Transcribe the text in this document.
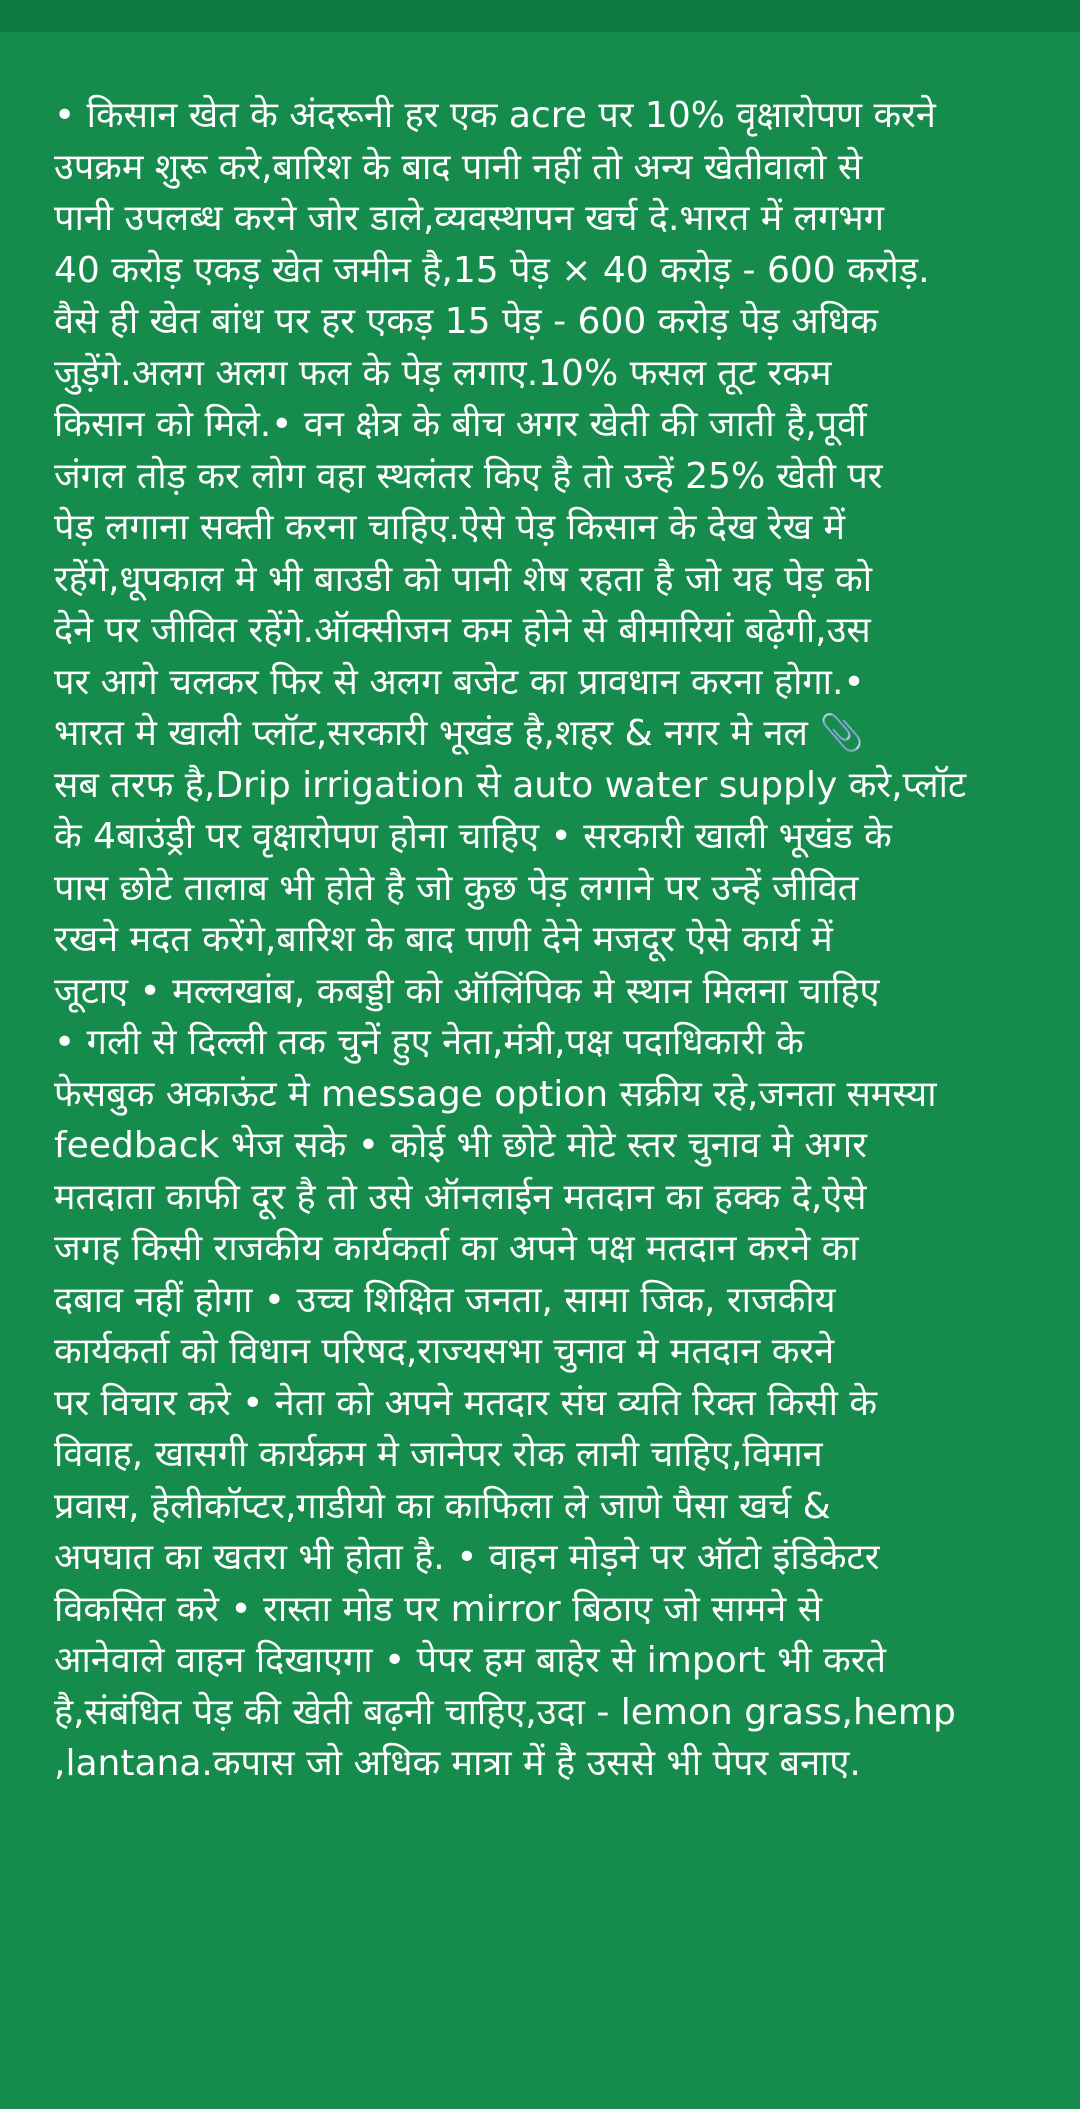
• किसान खेत के अंदरूनी हर एक acre पर 10% वृक्षारोपण करने
उपक्रम शुरू करे,बारिश के बाद पानी नहीं तो अन्य खेतीवालो से
पानी उपलब्ध करने जोर डाले,व्यवस्थापन खर्च दे.भारत में लगभग
40 करोड़ एकड़ खेत जमीन है,15 पेड़ × 40 करोड़ - 600 करोड़.
वैसे ही खेत बांध पर हर एकड़ 15 पेड़ - 600 करोड़ पेड़ अधिक
जुड़ेंगे.अलग अलग फल के पेड़ लगाए.10% फसल तूट रकम
किसान को मिले.• वन क्षेत्र के बीच अगर खेती की जाती है,पूर्वी
जंगल तोड़ कर लोग वहा स्थलंतर किए है तो उन्हें 25% खेती पर
पेड़ लगाना सक्ती करना चाहिए.ऐसे पेड़ किसान के देख रेख में
रहेंगे,धूपकाल मे भी बाउडी को पानी शेष रहता है जो यह पेड़ को
देने पर जीवित रहेंगे.ऑक्सीजन कम होने से बीमारियां बढ़ेगी,उस
पर आगे चलकर फिर से अलग बजेट का प्रावधान करना होगा.•
भारत मे खाली प्लॉट,सरकारी भूखंड है,शहर & नगर मे नल 📎
सब तरफ है,Drip irrigation से auto water supply करे,प्लॉट
के 4बाउंड्री पर वृक्षारोपण होना चाहिए • सरकारी खाली भूखंड के
पास छोटे तालाब भी होते है जो कुछ पेड़ लगाने पर उन्हें जीवित
रखने मदत करेंगे,बारिश के बाद पाणी देने मजदूर ऐसे कार्य में
जूटाए • मल्लखांब, कबड्डी को ऑलिंपिक मे स्थान मिलना चाहिए
• गली से दिल्ली तक चुनें हुए नेता,मंत्री,पक्ष पदाधिकारी के
फेसबुक अकाऊंट मे message option सक्रीय रहे,जनता समस्या
feedback भेज सके • कोई भी छोटे मोटे स्तर चुनाव मे अगर
मतदाता काफी दूर है तो उसे ऑनलाईन मतदान का हक्क दे,ऐसे
जगह किसी राजकीय कार्यकर्ता का अपने पक्ष मतदान करने का
दबाव नहीं होगा • उच्च शिक्षित जनता, सामा जिक, राजकीय
कार्यकर्ता को विधान परिषद,राज्यसभा चुनाव मे मतदान करने
पर विचार करे • नेता को अपने मतदार संघ व्यति रिक्त किसी के
विवाह, खासगी कार्यक्रम मे जानेपर रोक लानी चाहिए,विमान
प्रवास, हेलीकॉप्टर,गाडीयो का काफिला ले जाणे पैसा खर्च &
अपघात का खतरा भी होता है. • वाहन मोड़ने पर ऑटो इंडिकेटर
विकसित करे • रास्ता मोड पर mirror बिठाए जो सामने से
आनेवाले वाहन दिखाएगा • पेपर हम बाहेर से import भी करते
है,संबंधित पेड़ की खेती बढ़नी चाहिए,उदा - lemon grass,hemp
,lantana.कपास जो अधिक मात्रा में है उससे भी पेपर बनाए.
